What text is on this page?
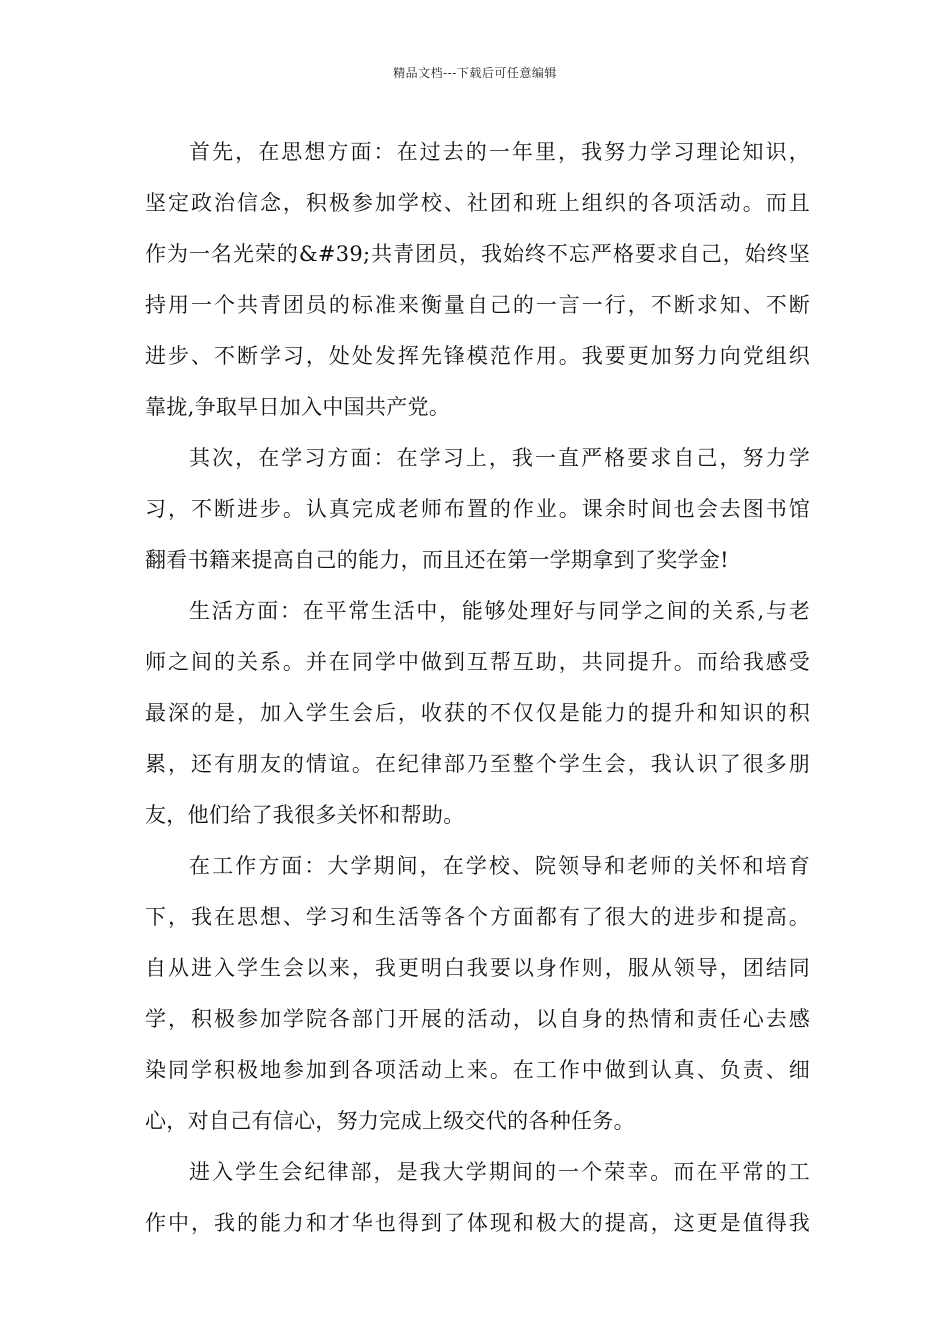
精品文档---下载后可任意编辑
首先，在思想方面：在过去的一年里，我努力学习理论知识，
坚定政治信念，积极参加学校、社团和班上组织的各项活动。而且
作为一名光荣的&#39;共青团员，我始终不忘严格要求自己，始终坚
持用一个共青团员的标准来衡量自己的一言一行，不断求知、不断
进步、不断学习，处处发挥先锋模范作用。我要更加努力向党组织
靠拢,争取早日加入中国共产党。
其次，在学习方面：在学习上，我一直严格要求自己，努力学
习，不断进步。认真完成老师布置的作业。课余时间也会去图书馆
翻看书籍来提高自己的能力，而且还在第一学期拿到了奖学金!
生活方面：在平常生活中，能够处理好与同学之间的关系,与老
师之间的关系。并在同学中做到互帮互助，共同提升。而给我感受
最深的是，加入学生会后，收获的不仅仅是能力的提升和知识的积
累，还有朋友的情谊。在纪律部乃至整个学生会，我认识了很多朋
友，他们给了我很多关怀和帮助。
在工作方面：大学期间，在学校、院领导和老师的关怀和培育
下，我在思想、学习和生活等各个方面都有了很大的进步和提高。
自从进入学生会以来，我更明白我要以身作则，服从领导，团结同
学，积极参加学院各部门开展的活动，以自身的热情和责任心去感
染同学积极地参加到各项活动上来。在工作中做到认真、负责、细
心，对自己有信心，努力完成上级交代的各种任务。
进入学生会纪律部，是我大学期间的一个荣幸。而在平常的工
作中，我的能力和才华也得到了体现和极大的提高，这更是值得我
